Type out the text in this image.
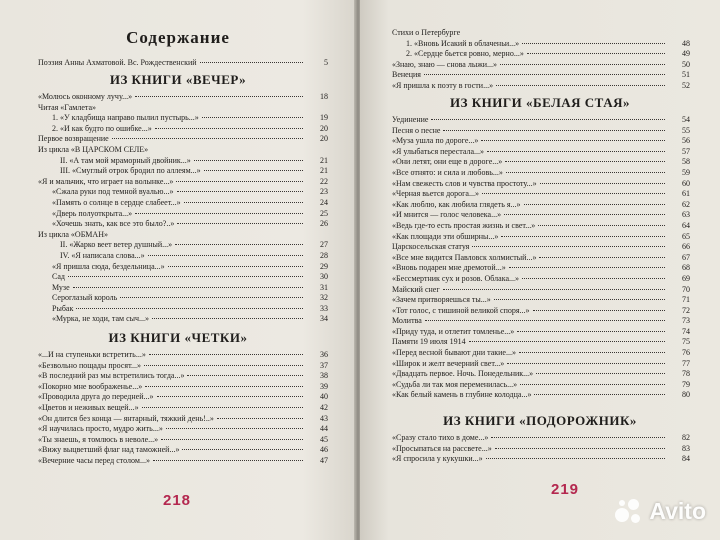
Содержание
Поэзия Анны Ахматовой. Вс. Рождественский	5
ИЗ КНИГИ «ВЕЧЕР»
«Молюсь оконному лучу...»	18
Читая «Гамлета»
1. «У кладбища направо пылил пустырь...»	19
2. «И как будто по ошибке...»	20
Первое возвращение	20
Из цикла «В ЦАРСКОМ СЕЛЕ»
II. «А там мой мраморный двойник...»	21
III. «Смуглый отрок бродил по аллеям...»	21
«Я и мальчик, что играет на волынке...»	22
«Сжала руки под темной вуалью...»	23
«Память о солнце в сердце слабеет...»	24
«Дверь полуоткрыта...»	25
«Хочешь знать, как все это было?..»	26
Из цикла «ОБМАН»
II. «Жарко веет ветер душный...»	27
IV. «Я написала слова...»	28
«Я пришла сюда, бездельница...»	29
Сад	30
Музе	31
Сероглазый король	32
Рыбак	33
«Мурка, не ходи, там сыч...»	34
ИЗ КНИГИ «ЧЕТКИ»
«...И на ступеньки встретить...»	36
«Безвольно пощады просят...»	37
«В последний раз мы встретились тогда...»	38
«Покорно мне воображенье...»	39
«Проводила друга до передней...»	40
«Цветов и неживых вещей...»	42
«Он длится без конца — янтарный, тяжкий день!..»	43
«Я научилась просто, мудро жить...»	44
«Ты знаешь, я томлюсь в неволе...»	45
«Вижу выцветший флаг над таможней...»	46
«Вечерние часы перед столом...»	47
218
Стихи о Петербурге
1. «Вновь Исакий в облаченьи...»	48
2. «Сердце бьется ровно, мерно...»	49
«Знаю, знаю — снова лыжи...»	50
Венеция	51
«Я пришла к поэту в гости...»	52
ИЗ КНИГИ «БЕЛАЯ СТАЯ»
Уединение	54
Песня о песне	55
«Муза ушла по дороге...»	56
«Я улыбаться перестала...»	57
«Они летят, они еще в дороге...»	58
«Все отнято: и сила и любовь...»	59
«Нам свежесть слов и чувства простоту...»	60
«Черная вьется дорога...»	61
«Как люблю, как любила глядеть я...»	62
«И мнится — голос человека...»	63
«Ведь где-то есть простая жизнь и свет...»	64
«Как площади эти обширны...»	65
Царскосельская статуя	66
«Все мне видится Павловск холмистый...»	67
«Вновь подарен мне дремотой...»	68
«Бессмертник сух и розов. Облака...»	69
Майский снег	70
«Зачем притворяешься ты...»	71
«Тот голос, с тишиной великой споря...»	72
Молитва	73
«Приду туда, и отлетит томленье...»	74
Памяти 19 июля 1914	75
«Перед весной бывают дни такие...»	76
«Широк и желт вечерний свет...»	77
«Двадцать первое. Ночь. Понедельник...»	78
«Судьба ли так моя переменилась...»	79
«Как белый камень в глубине колодца...»	80
ИЗ КНИГИ «ПОДОРОЖНИК»
«Сразу стало тихо в доме...»	82
«Просыпаться на рассвете...»	83
«Я спросила у кукушки...»	84
219
Avito
